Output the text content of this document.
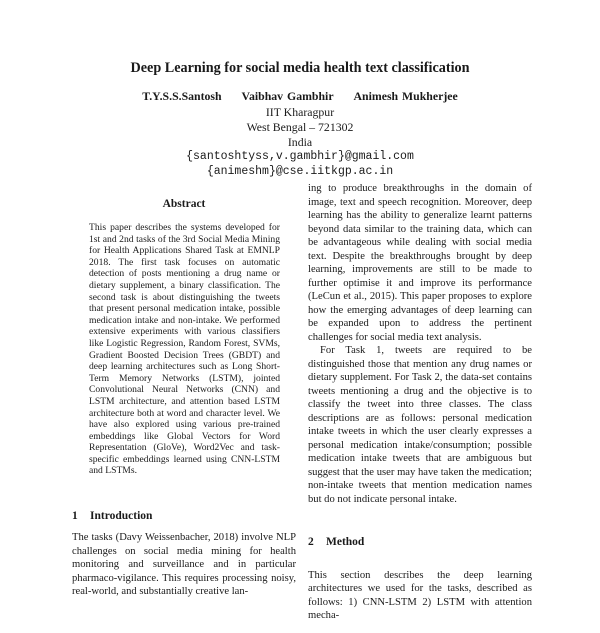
Deep Learning for social media health text classification
T.Y.S.S.Santosh Vaibhav Gambhir Animesh Mukherjee
IIT Kharagpur
West Bengal – 721302
India
{santoshtyss,v.gambhir}@gmail.com
{animeshm}@cse.iitkgp.ac.in
Abstract
This paper describes the systems developed for 1st and 2nd tasks of the 3rd Social Media Mining for Health Applications Shared Task at EMNLP 2018. The first task focuses on automatic detection of posts mentioning a drug name or dietary supplement, a binary classification. The second task is about distinguishing the tweets that present personal medication intake, possible medication intake and non-intake. We performed extensive experiments with various classifiers like Logistic Regression, Random Forest, SVMs, Gradient Boosted Decision Trees (GBDT) and deep learning architectures such as Long Short-Term Memory Networks (LSTM), jointed Convolutional Neural Networks (CNN) and LSTM architecture, and attention based LSTM architecture both at word and character level. We have also explored using various pre-trained embeddings like Global Vectors for Word Representation (GloVe), Word2Vec and task-specific embeddings learned using CNN-LSTM and LSTMs.
1 Introduction

The tasks (Davy Weissenbacher, 2018) involve NLP challenges on social media mining for health monitoring and surveillance and in particular pharmaco-vigilance. This requires processing noisy, real-world, and substantially creative lan-

ing to produce breakthroughs in the domain of image, text and speech recognition. Moreover, deep learning has the ability to generalize learnt patterns beyond data similar to the training data, which can be advantageous while dealing with social media text. Despite the breakthroughs brought by deep learning, improvements are still to be made to further optimise it and improve its performance (LeCun et al., 2015). This paper proposes to explore how the emerging advantages of deep learning can be expanded upon to address the pertinent challenges for social media text analysis.

For Task 1, tweets are required to be distinguished those that mention any drug names or dietary supplement. For Task 2, the data-set contains tweets mentioning a drug and the objective is to classify the tweet into three classes. The class descriptions are as follows: personal medication intake tweets in which the user clearly expresses a personal medication intake/consumption; possible medication intake tweets that are ambiguous but suggest that the user may have taken the medication; non-intake tweets that mention medication names but do not indicate personal intake.

2 Method

This section describes the deep learning architectures we used for the tasks, described as follows: 1) CNN-LSTM 2) LSTM with attention mecha-
